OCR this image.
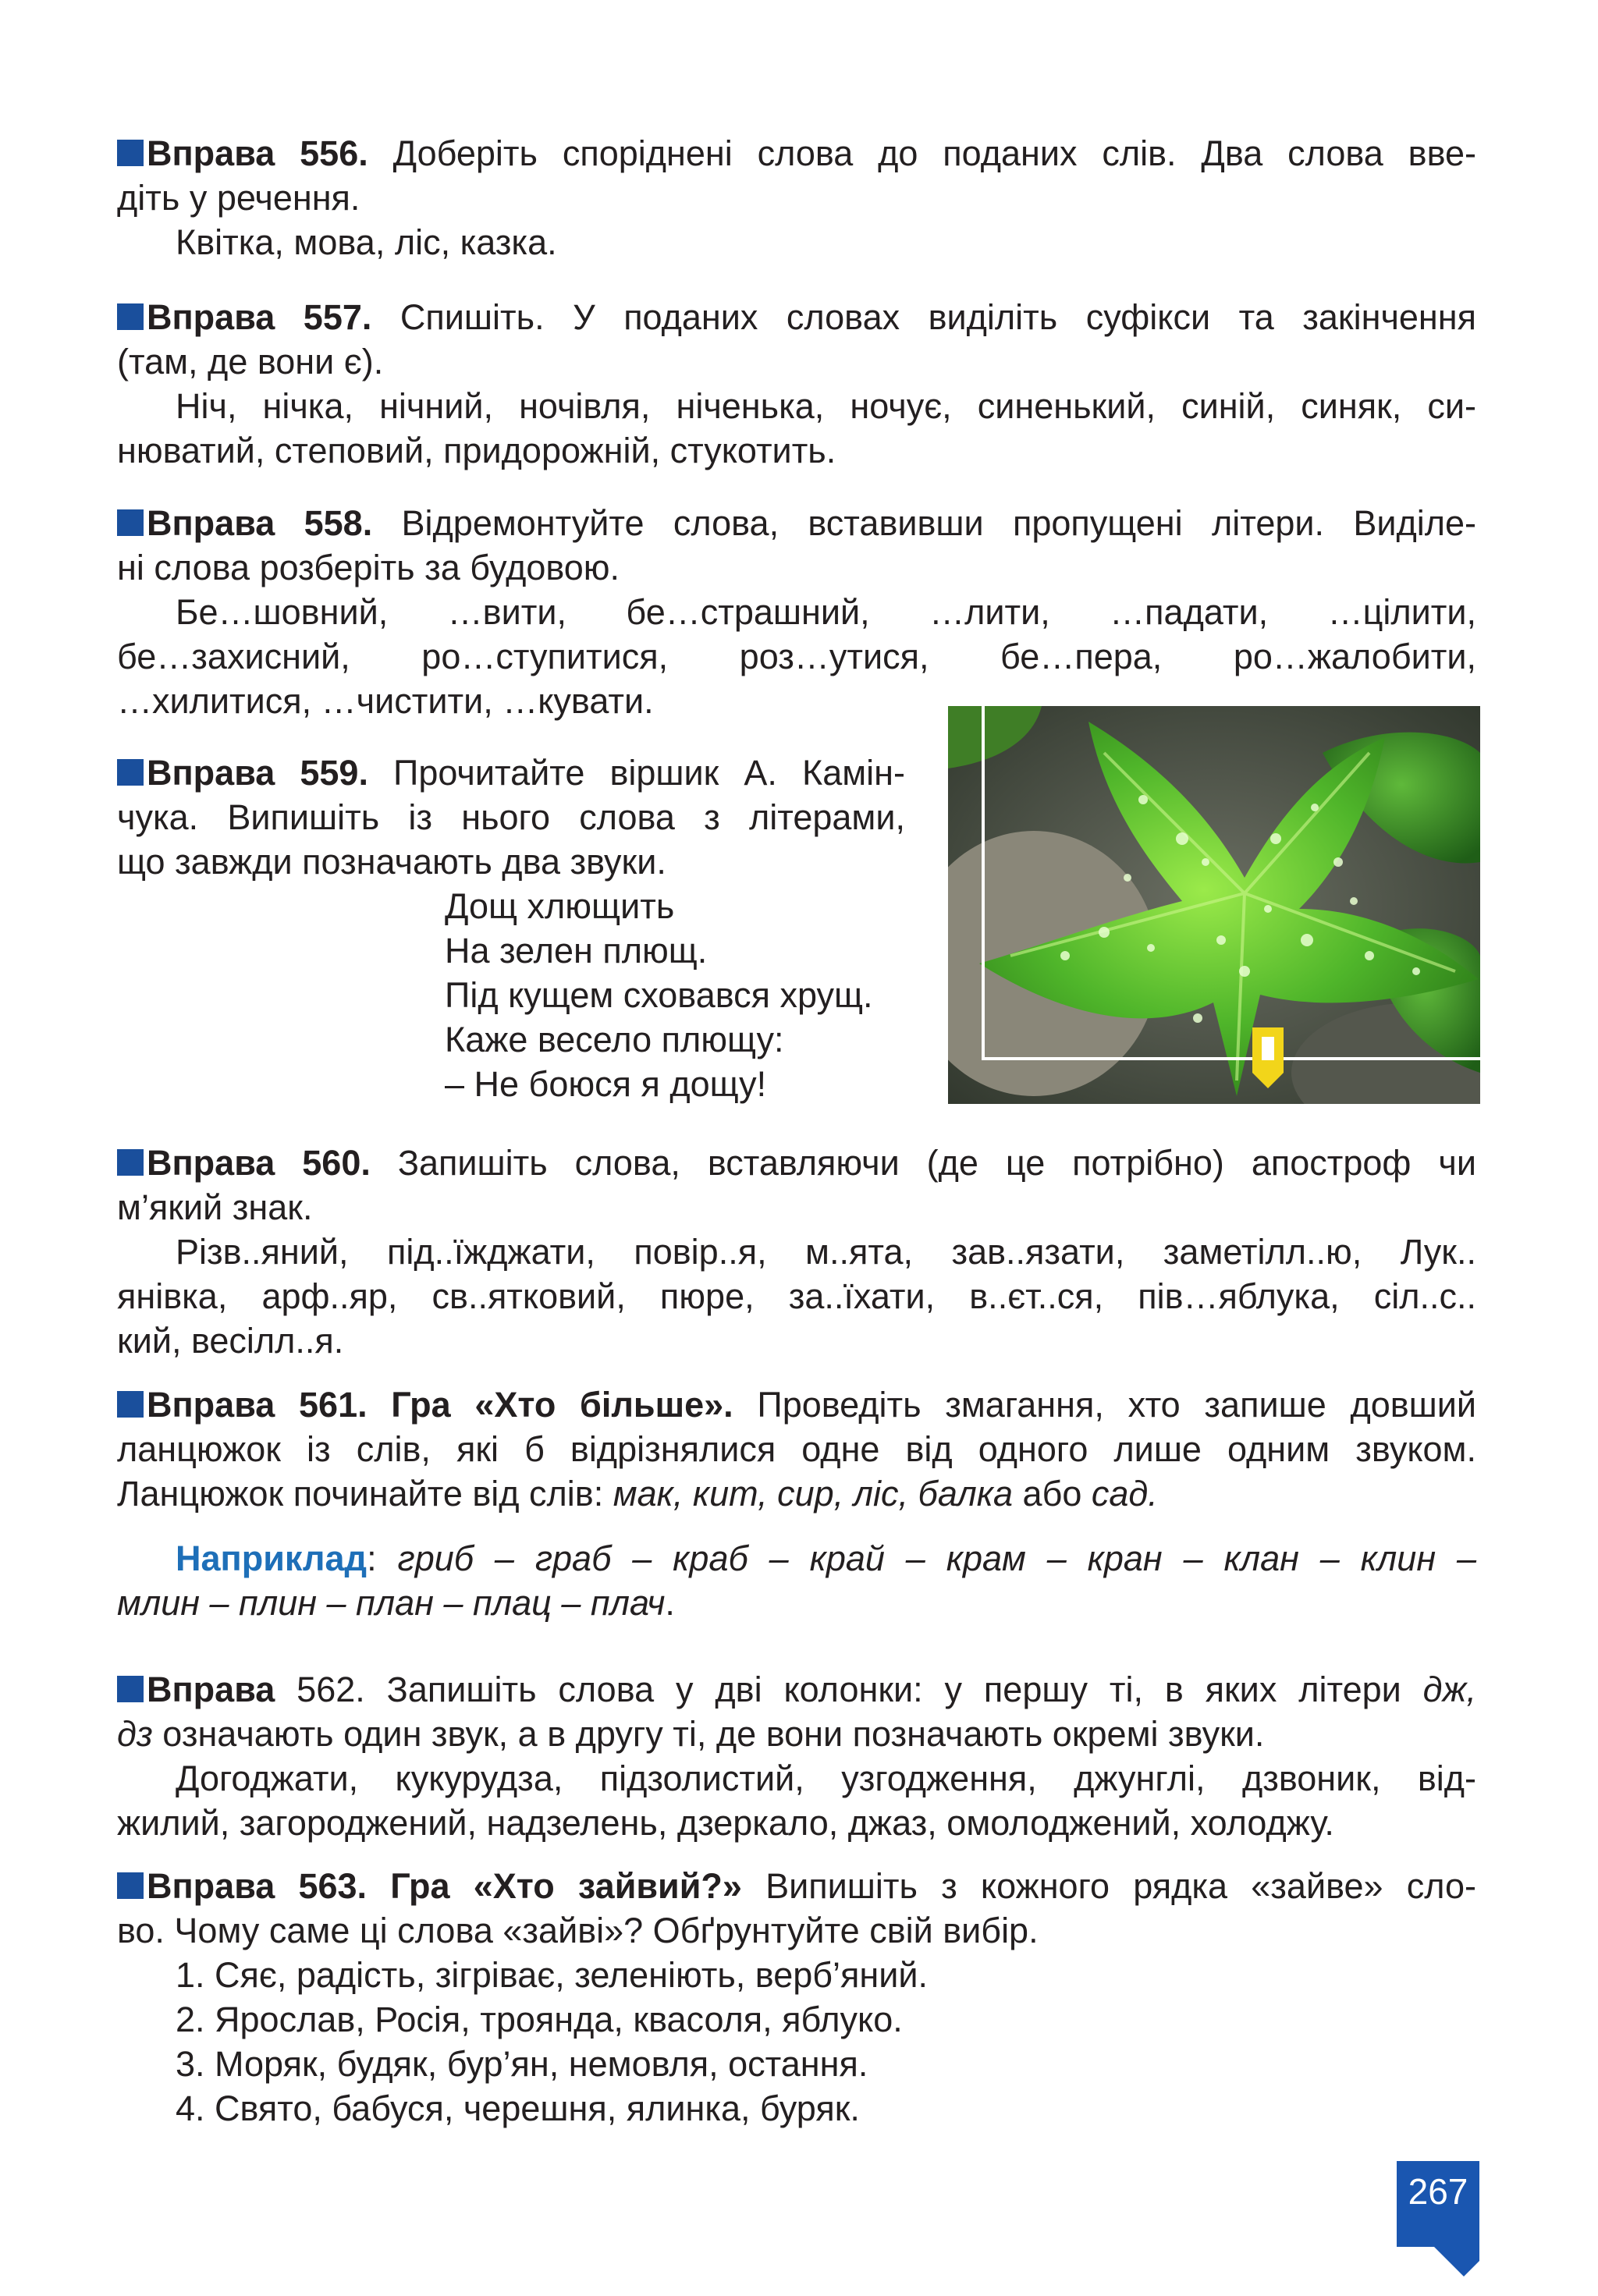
Вправа 556. Доберіть споріднені слова до поданих слів. Два слова вве-

діть у речення.

Квітка, мова, ліс, казка.

Вправа 557. Спишіть. У поданих словах виділіть суфікси та закінчення

(там, де вони є).

Ніч, нічка, нічний, ночівля, ніченька, ночує, синенький, синій, синяк, си-

нюватий, степовий, придорожній, стукотить.

Вправа 558. Відремонтуйте слова, вставивши пропущені літери. Виділе-

ні слова розберіть за будовою.

Бе…шовний, …вити, бе…страшний, …лити, …падати, …цілити,

бе…захисний, ро…ступитися, роз…утися, бе…пера, ро…жалобити,

…хилитися, …чистити, …кувати.

Вправа 559. Прочитайте віршик А. Камін-

чука. Випишіть із нього слова з літерами,

що завжди позначають два звуки.

Дощ хлющить

На зелен плющ.

Під кущем сховався хрущ.

Каже весело плющу:

– Не боюся я дощу!

Вправа 560. Запишіть слова, вставляючи (де це потрібно) апостроф чи

м’який знак.

Різв..яний, під..їжджати, повір..я, м..ята, зав..язати, заметілл..ю, Лук..

янівка, арф..яр, св..ятковий, пюре, за..їхати, в..єт..ся, пів…яблука, сіл..с..

кий, весілл..я.

Вправа 561. Гра «Хто більше». Проведіть змагання, хто запише довший

ланцюжок із слів, які б відрізнялися одне від одного лише одним звуком.

Ланцюжок починайте від слів: мак, кит, сир, ліс, балка або сад.

Наприклад: гриб – граб – краб – край – крам – кран – клан – клин –

млин – плин – план – плац – плач.

Вправа 562. Запишіть слова у дві колонки: у першу ті, в яких літери дж,

дз означають один звук, а в другу ті, де вони позначають окремі звуки.

Догоджати, кукурудза, підзолистий, узгодження, джунглі, дзвоник, від-

жилий, загороджений, надзелень, дзеркало, джаз, омолоджений, холоджу.

Вправа 563. Гра «Хто зайвий?» Випишіть з кожного рядка «зайве» сло-

во. Чому саме ці слова «зайві»? Обґрунтуйте свій вибір.

1. Сяє, радість, зігріває, зеленіють, верб’яний.

2. Ярослав, Росія, троянда, квасоля, яблуко.

3. Моряк, будяк, бур’ян, немовля, остання.

4. Свято, бабуся, черешня, ялинка, буряк.

267
